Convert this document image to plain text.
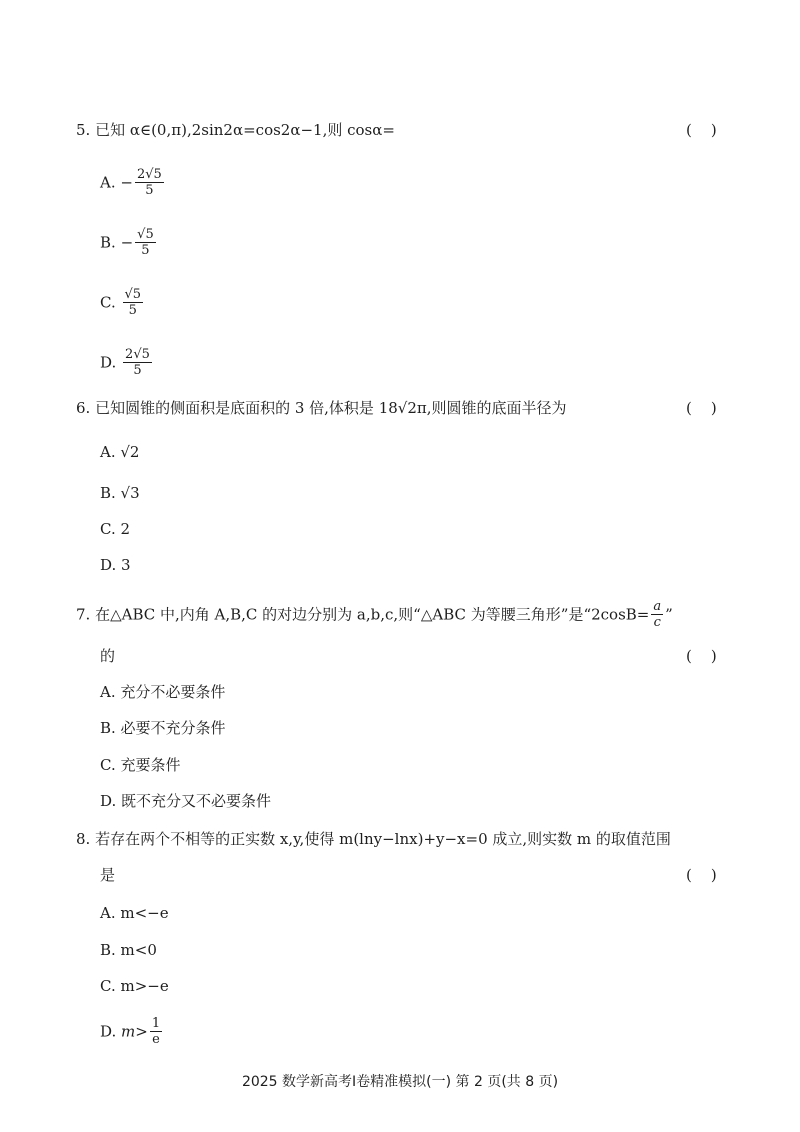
5. 已知 α∈(0,π),2sin2α=cos2α−1,则 cosα=	(    )
A. − $\frac{2√5}{5}$
B. − $\frac{√5}{5}$
C. $\frac{√5}{5}$
D. $\frac{2√5}{5}$
6. 已知圆锥的侧面积是底面积的 3 倍,体积是 18√2π,则圆锥的底面半径为	(    )
A. √2
B. √3
C. 2
D. 3
7. 在△ABC 中,内角 A,B,C 的对边分别为 a,b,c,则“△ABC 为等腰三角形”是“$2\cos B= \frac{a}{c}$ ”
的	(    )
A. 充分不必要条件
B. 必要不充分条件
C. 充要条件
D. 既不充分又不必要条件
8. 若存在两个不相等的正实数 x,y,使得 m(lny−lnx)+y−x=0 成立,则实数 m 的取值范围
是	(    )
A. m<−e
B. m<0
C. m>−e
D. $m> \frac{1}{e}$
2025 数学新高考Ⅰ卷精准模拟(一) 第 2 页(共 8 页)
